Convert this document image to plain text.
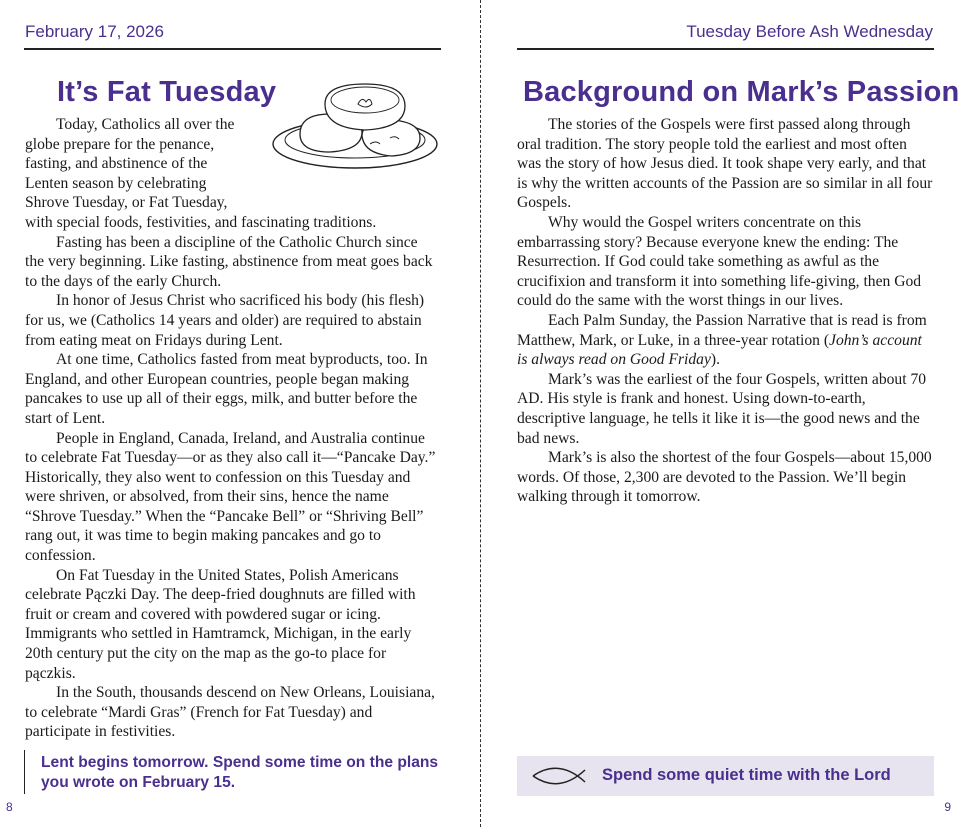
February 17, 2026
It’s Fat Tuesday

Today, Catholics all over the globe prepare for the penance, fasting, and abstinence of the Lenten season by celebrating Shrove Tuesday, or Fat Tuesday, with special foods, festivities, and fascinating traditions.

Fasting has been a discipline of the Catholic Church since the very beginning. Like fasting, abstinence from meat goes back to the days of the early Church.

In honor of Jesus Christ who sacrificed his body (his flesh) for us, we (Catholics 14 years and older) are required to abstain from eating meat on Fridays during Lent.

At one time, Catholics fasted from meat byproducts, too. In England, and other European countries, people began making pancakes to use up all of their eggs, milk, and butter before the start of Lent.

People in England, Canada, Ireland, and Australia continue to celebrate Fat Tuesday—or as they also call it—“Pancake Day.” Historically, they also went to confession on this Tuesday and were shriven, or absolved, from their sins, hence the name “Shrove Tuesday.” When the “Pancake Bell” or “Shriving Bell” rang out, it was time to begin making pancakes and go to confession.

On Fat Tuesday in the United States, Polish Americans celebrate Pączki Day. The deep-fried doughnuts are filled with fruit or cream and covered with powdered sugar or icing. Immigrants who settled in Hamtramck, Michigan, in the early 20th century put the city on the map as the go-to place for pączkis.

In the South, thousands descend on New Orleans, Louisiana, to celebrate “Mardi Gras” (French for Fat Tuesday) and participate in festivities.

Lent begins tomorrow. Spend some time on the plans you wrote on February 15.
8
Tuesday Before Ash Wednesday
Background on Mark’s Passion

The stories of the Gospels were first passed along through oral tradition. The story people told the earliest and most often was the story of how Jesus died. It took shape very early, and that is why the written accounts of the Passion are so similar in all four Gospels.

Why would the Gospel writers concentrate on this embarrassing story? Because everyone knew the ending: The Resurrection. If God could take something as awful as the crucifixion and transform it into something life-giving, then God could do the same with the worst things in our lives.

Each Palm Sunday, the Passion Narrative that is read is from Matthew, Mark, or Luke, in a three-year rotation (John’s account is always read on Good Friday).

Mark’s was the earliest of the four Gospels, written about 70 AD. His style is frank and honest. Using down-to-earth, descriptive language, he tells it like it is—the good news and the bad news.

Mark’s is also the shortest of the four Gospels—about 15,000 words. Of those, 2,300 are devoted to the Passion. We’ll begin walking through it tomorrow.

Spend some quiet time with the Lord
9
